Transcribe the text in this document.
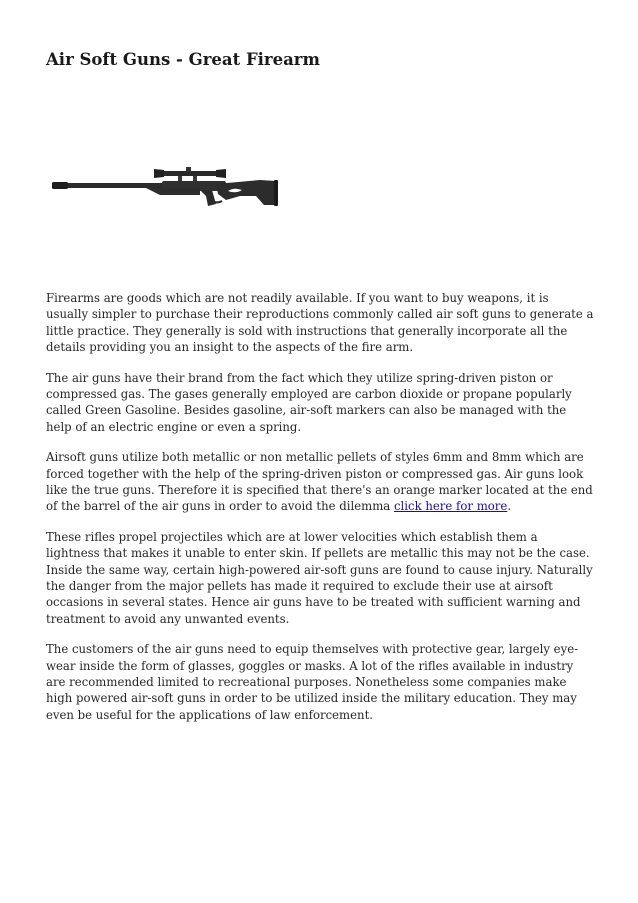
Air Soft Guns - Great Firearm

Firearms are goods which are not readily available. If you want to buy weapons, it is usually simpler to purchase their reproductions commonly called air soft guns to generate a little practice. They generally is sold with instructions that generally incorporate all the details providing you an insight to the aspects of the fire arm.

The air guns have their brand from the fact which they utilize spring-driven piston or compressed gas. The gases generally employed are carbon dioxide or propane popularly called Green Gasoline. Besides gasoline, air-soft markers can also be managed with the help of an electric engine or even a spring.

Airsoft guns utilize both metallic or non metallic pellets of styles 6mm and 8mm which are forced together with the help of the spring-driven piston or compressed gas. Air guns look like the true guns. Therefore it is specified that there's an orange marker located at the end of the barrel of the air guns in order to avoid the dilemma click here for more.

These rifles propel projectiles which are at lower velocities which establish them a lightness that makes it unable to enter skin. If pellets are metallic this may not be the case. Inside the same way, certain high-powered air-soft guns are found to cause injury. Naturally the danger from the major pellets has made it required to exclude their use at airsoft occasions in several states. Hence air guns have to be treated with sufficient warning and treatment to avoid any unwanted events.

The customers of the air guns need to equip themselves with protective gear, largely eye-wear inside the form of glasses, goggles or masks. A lot of the rifles available in industry are recommended limited to recreational purposes. Nonetheless some companies make high powered air-soft guns in order to be utilized inside the military education. They may even be useful for the applications of law enforcement.
